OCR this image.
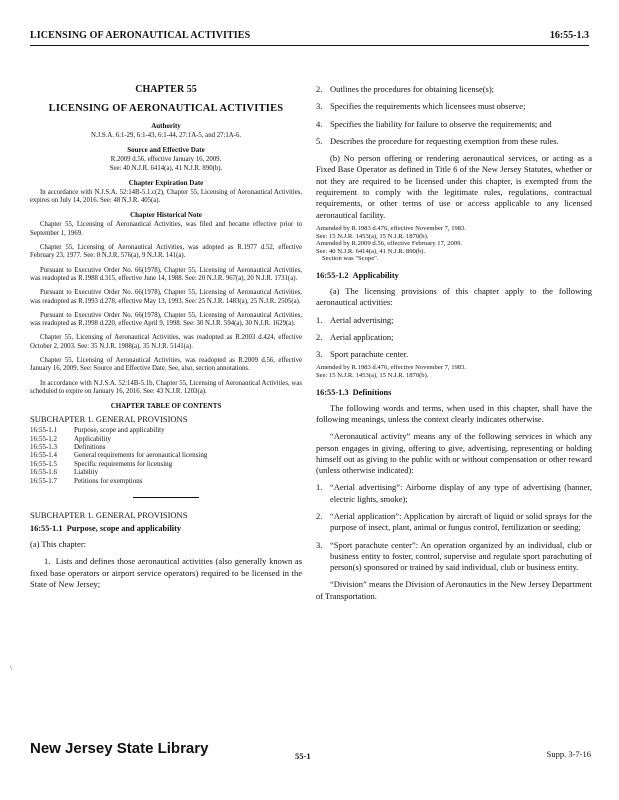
LICENSING OF AERONAUTICAL ACTIVITIES	16:55-1.3
CHAPTER 55
LICENSING OF AERONAUTICAL ACTIVITIES
Authority
N.J.S.A. 6:1-29, 6:1-43, 6:1-44, 27:1A-5, and 27:1A-6.
Source and Effective Date
R.2009 d.56, effective January 16, 2009.
See: 40 N.J.R. 6414(a), 41 N.J.R. 890(b).
Chapter Expiration Date
In accordance with N.J.S.A. 52:14B-5.1.c(2), Chapter 55, Licensing of Aeronautical Activities, expires on July 14, 2016. See: 48 N.J.R. 405(a).
Chapter Historical Note
Chapter 55, Licensing of Aeronautical Activities, was filed and became effective prior to September 1, 1969.
Chapter 55, Licensing of Aeronautical Activities, was adopted as R.1977 d.52, effective February 23, 1977. See: 8 N.J.R. 576(a), 9 N.J.R. 141(a).
Pursuant to Executive Order No. 66(1978), Chapter 55, Licensing of Aeronautical Activities, was readopted as R.1988 d.315, effective June 14, 1988. See: 20 N.J.R. 967(a), 20 N.J.R. 1731(a).
Pursuant to Executive Order No. 66(1978), Chapter 55, Licensing of Aeronautical Activities, was readopted as R.1993 d.278, effective May 13, 1993. See: 25 N.J.R. 1483(a), 25 N.J.R. 2505(a).
Pursuant to Executive Order No. 66(1978), Chapter 55, Licensing of Aeronautical Activities, was readopted as R.1998 d.220, effective April 9, 1998. See: 30 N.J.R. 594(a), 30 N.J.R. 1629(a).
Chapter 55, Licensing of Aeronautical Activities, was readopted as R.2003 d.424, effective October 2, 2003. See: 35 N.J.R. 1988(a), 35 N.J.R. 5141(a).
Chapter 55, Licensing of Aeronautical Activities, was readopted as R.2009 d.56, effective January 16, 2009. See: Source and Effective Date. See, also, section annotations.
In accordance with N.J.S.A. 52:14B-5.1b, Chapter 55, Licensing of Aeronautical Activities, was scheduled to expire on January 16, 2016. See: 43 N.J.R. 1203(a).
CHAPTER TABLE OF CONTENTS
SUBCHAPTER 1. GENERAL PROVISIONS
16:55-1.1	Purpose, scope and applicability
16:55-1.2	Applicability
16:55-1.3	Definitions
16:55-1.4	General requirements for aeronautical licensing
16:55-1.5	Specific requirements for licensing
16:55-1.6	Liability
16:55-1.7	Petitions for exemptions
SUBCHAPTER 1. GENERAL PROVISIONS
16:55-1.1 Purpose, scope and applicability
(a) This chapter:
1. Lists and defines those aeronautical activities (also generally known as fixed base operators or airport service operators) required to be licensed in the State of New Jersey;
2. Outlines the procedures for obtaining license(s);
3. Specifies the requirements which licensees must observe;
4. Specifies the liability for failure to observe the requirements; and
5. Describes the procedure for requesting exemption from these rules.
(b) No person offering or rendering aeronautical services, or acting as a Fixed Base Operator as defined in Title 6 of the New Jersey Statutes, whether or not they are required to be licensed under this chapter, is exempted from the requirement to comply with the legitimate rules, regulations, contractual requirements, or other terms of use or access applicable to any licensed aeronautical facility.
Amended by R.1983 d.476, effective November 7, 1983.
See: 15 N.J.R. 1453(a), 15 N.J.R. 1870(b).
Amended by R.2009 d.56, effective February 17, 2009.
See: 40 N.J.R. 6414(a), 41 N.J.R. 890(b).
Section was "Scope".
16:55-1.2 Applicability
(a) The licensing provisions of this chapter apply to the following aeronautical activities:
1. Aerial advertising;
2. Aerial application;
3. Sport parachute center.
Amended by R.1983 d.476, effective November 7, 1983.
See: 15 N.J.R. 1453(a), 15 N.J.R. 1870(b).
16:55-1.3 Definitions
The following words and terms, when used in this chapter, shall have the following meanings, unless the context clearly indicates otherwise.
“Aeronautical activity” means any of the following services in which any person engages in giving, offering to give, advertising, representing or holding himself out as giving to the public with or without compensation or other reward (unless otherwise indicated):
1. “Aerial advertising”: Airborne display of any type of advertising (banner, electric lights, smoke);
2. “Aerial application”: Application by aircraft of liquid or solid sprays for the purpose of insect, plant, animal or fungus control, fertilization or seeding;
3. “Sport parachute center”: An operation organized by an individual, club or business entity to foster, control, supervise and regulate sport parachuting of person(s) sponsored or trained by said individual, club or business entity.
“Division” means the Division of Aeronautics in the New Jersey Department of Transportation.
\
New Jersey State Library	55-1	Supp. 3-7-16
